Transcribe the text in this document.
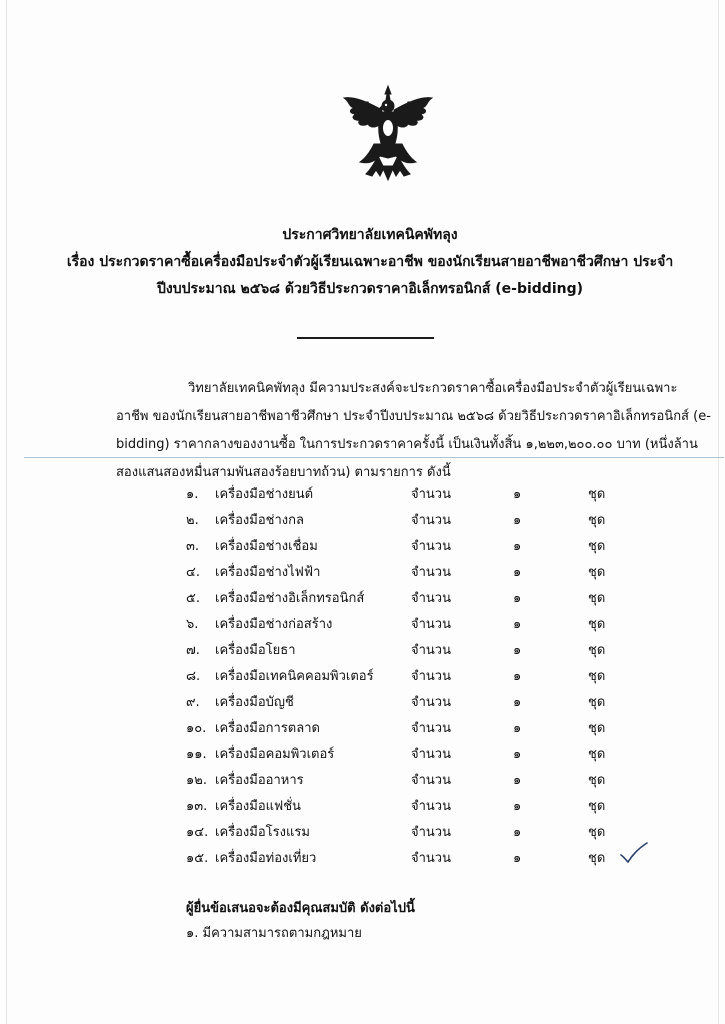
ประกาศวิทยาลัยเทคนิคพัทลุง
เรื่อง ประกวดราคาซื้อเครื่องมือประจำตัวผู้เรียนเฉพาะอาชีพ ของนักเรียนสายอาชีพอาชีวศึกษา ประจำ
ปีงบประมาณ ๒๕๖๘ ด้วยวิธีประกวดราคาอิเล็กทรอนิกส์ (e-bidding)
วิทยาลัยเทคนิคพัทลุง มีความประสงค์จะประกวดราคาซื้อเครื่องมือประจำตัวผู้เรียนเฉพาะ
อาชีพ ของนักเรียนสายอาชีพอาชีวศึกษา ประจำปีงบประมาณ ๒๕๖๘ ด้วยวิธีประกวดราคาอิเล็กทรอนิกส์ (e-
bidding) ราคากลางของงานซื้อ ในการประกวดราคาครั้งนี้ เป็นเงินทั้งสิ้น ๑,๒๒๓,๒๐๐.๐๐ บาท (หนึ่งล้าน
สองแสนสองหมื่นสามพันสองร้อยบาทถ้วน) ตามรายการ ดังนี้
๑.	เครื่องมือช่างยนต์	จำนวน	๑	ชุด
๒.	เครื่องมือช่างกล	จำนวน	๑	ชุด
๓.	เครื่องมือช่างเชื่อม	จำนวน	๑	ชุด
๔.	เครื่องมือช่างไฟฟ้า	จำนวน	๑	ชุด
๕.	เครื่องมือช่างอิเล็กทรอนิกส์	จำนวน	๑	ชุด
๖.	เครื่องมือช่างก่อสร้าง	จำนวน	๑	ชุด
๗.	เครื่องมือโยธา	จำนวน	๑	ชุด
๘.	เครื่องมือเทคนิคคอมพิวเตอร์	จำนวน	๑	ชุด
๙.	เครื่องมือบัญชี	จำนวน	๑	ชุด
๑๐. เครื่องมือการตลาด	จำนวน	๑	ชุด
๑๑. เครื่องมือคอมพิวเตอร์	จำนวน	๑	ชุด
๑๒. เครื่องมืออาหาร	จำนวน	๑	ชุด
๑๓. เครื่องมือแฟชั่น	จำนวน	๑	ชุด
๑๔. เครื่องมือโรงแรม	จำนวน	๑	ชุด
๑๕. เครื่องมือท่องเที่ยว	จำนวน	๑	ชุด
ผู้ยื่นข้อเสนอจะต้องมีคุณสมบัติ ดังต่อไปนี้
๑. มีความสามารถตามกฎหมาย
